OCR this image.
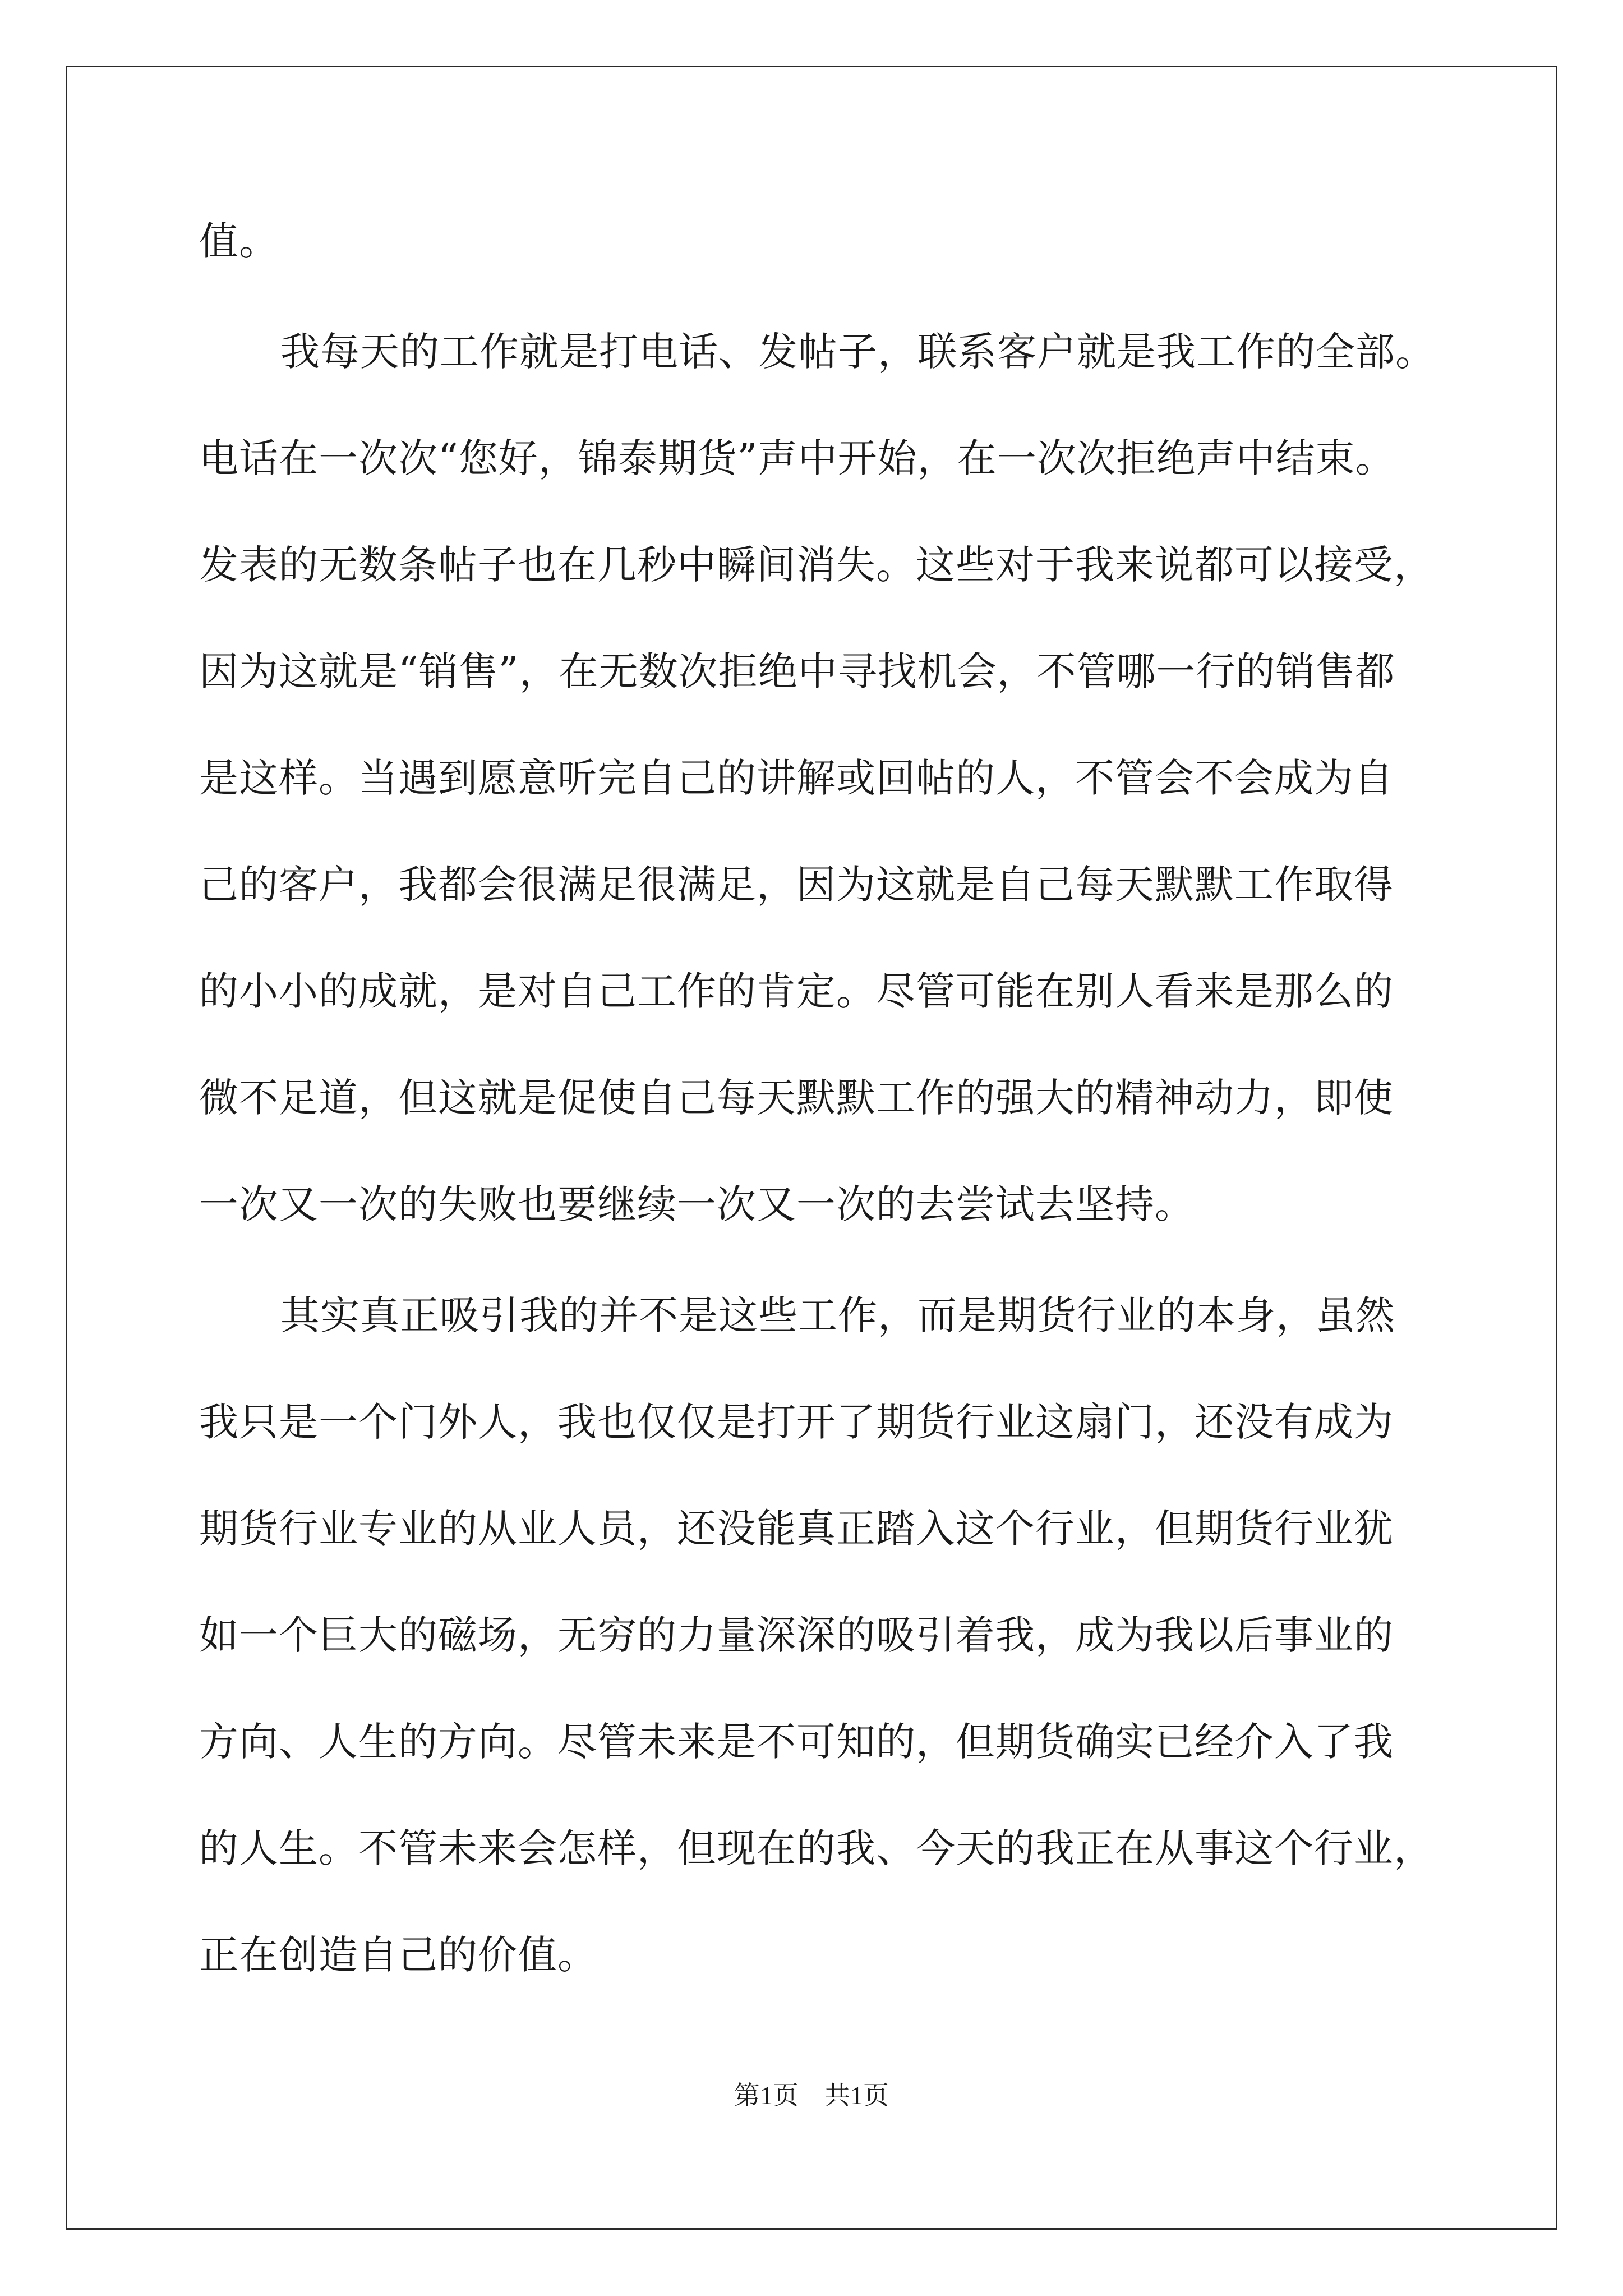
值。
我每天的工作就是打电话、发帖子，联系客户就是我工作的全部。
电话在一次次“您好，锦泰期货”声中开始，在一次次拒绝声中结束。
发表的无数条帖子也在几秒中瞬间消失。这些对于我来说都可以接受，
因为这就是“销售”，在无数次拒绝中寻找机会，不管哪一行的销售都
是这样。当遇到愿意听完自己的讲解或回帖的人，不管会不会成为自
己的客户，我都会很满足很满足，因为这就是自己每天默默工作取得
的小小的成就，是对自己工作的肯定。尽管可能在别人看来是那么的
微不足道，但这就是促使自己每天默默工作的强大的精神动力，即使
一次又一次的失败也要继续一次又一次的去尝试去坚持。
其实真正吸引我的并不是这些工作，而是期货行业的本身，虽然
我只是一个门外人，我也仅仅是打开了期货行业这扇门，还没有成为
期货行业专业的从业人员，还没能真正踏入这个行业，但期货行业犹
如一个巨大的磁场，无穷的力量深深的吸引着我，成为我以后事业的
方向、人生的方向。尽管未来是不可知的，但期货确实已经介入了我
的人生。不管未来会怎样，但现在的我、今天的我正在从事这个行业，
正在创造自己的价值。
第1页　共1页
